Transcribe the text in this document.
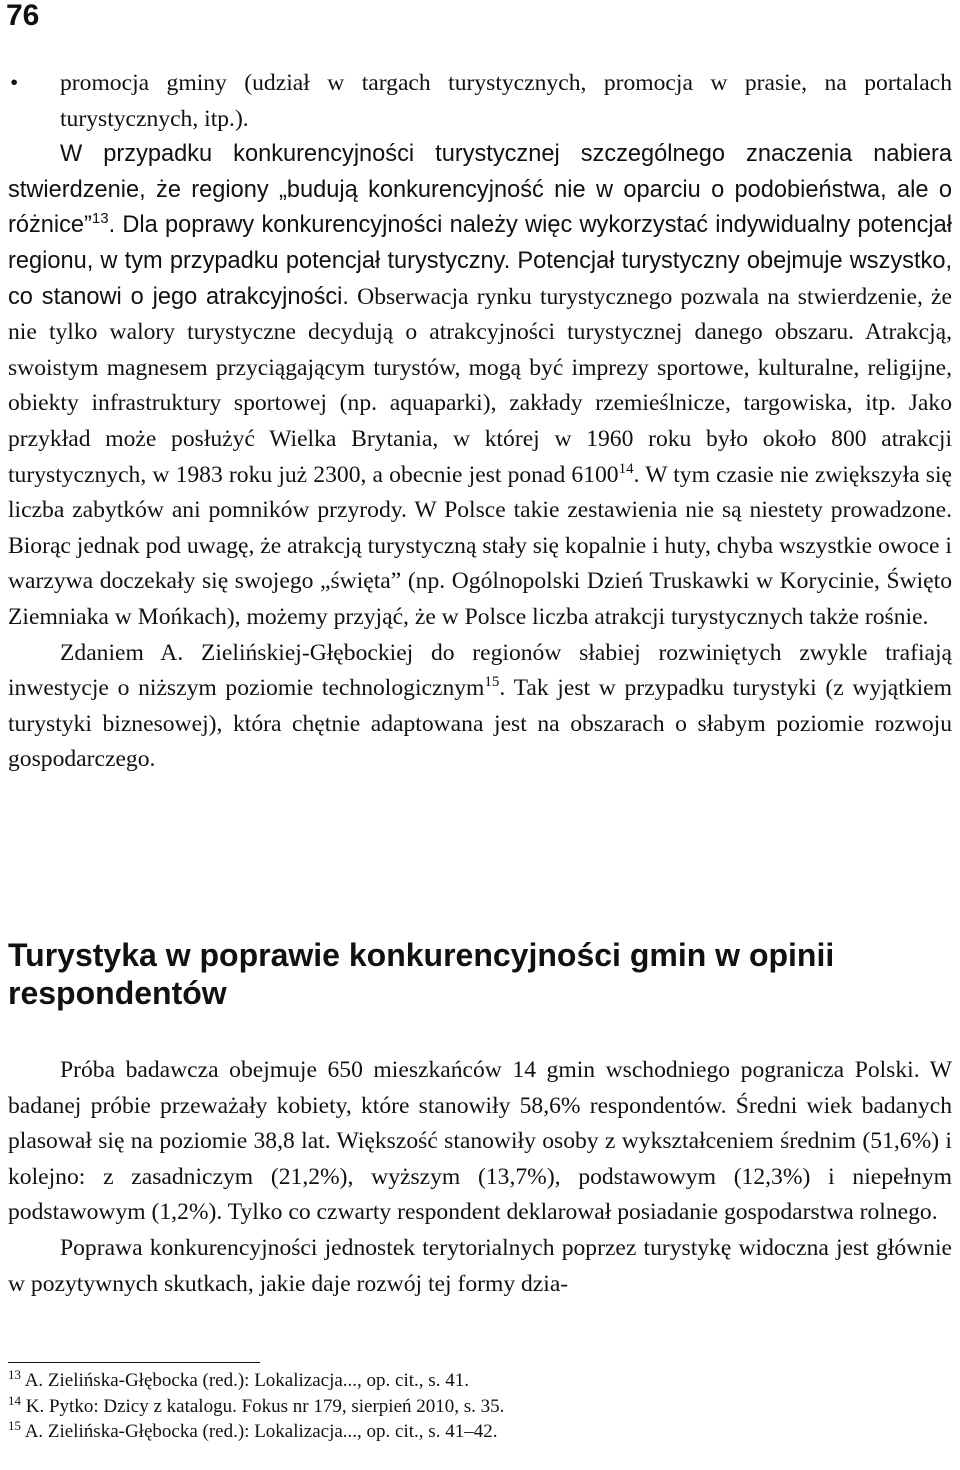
76

• promocja gminy (udział w targach turystycznych, promocja w prasie, na portalach turystycznych, itp.).

W przypadku konkurencyjności turystycznej szczególnego znaczenia nabiera stwierdzenie, że regiony „budują konkurencyjność nie w oparciu o podobieństwa, ale o różnice”$^{13}$. Dla poprawy konkurencyjności należy więc wykorzystać indywidualny potencjał regionu, w tym przypadku potencjał turystyczny. Potencjał turystyczny obejmuje wszystko, co stanowi o jego atrakcyjności. Obserwacja rynku turystycznego pozwala na stwierdzenie, że nie tylko walory turystyczne decydują o atrakcyjności turystycznej danego obszaru. Atrakcją, swoistym magnesem przyciągającym turystów, mogą być imprezy sportowe, kulturalne, religijne, obiekty infrastruktury sportowej (np. aquaparki), zakłady rzemieślnicze, targowiska, itp. Jako przykład może posłużyć Wielka Brytania, w której w 1960 roku było około 800 atrakcji turystycznych, w 1983 roku już 2300, a obecnie jest ponad 6100$^{14}$. W tym czasie nie zwiększyła się liczba zabytków ani pomników przyrody. W Polsce takie zestawienia nie są niestety prowadzone. Biorąc jednak pod uwagę, że atrakcją turystyczną stały się kopalnie i huty, chyba wszystkie owoce i warzywa doczekały się swojego „święta” (np. Ogólnopolski Dzień Truskawki w Korycinie, Święto Ziemniaka w Mońkach), możemy przyjąć, że w Polsce liczba atrakcji turystycznych także rośnie.

Zdaniem A. Zielińskiej-Głębockiej do regionów słabiej rozwiniętych zwykle trafiają inwestycje o niższym poziomie technologicznym$^{15}$. Tak jest w przypadku turystyki (z wyjątkiem turystyki biznesowej), która chętnie adaptowana jest na obszarach o słabym poziomie rozwoju gospodarczego.

Turystyka w poprawie konkurencyjności gmin w opinii respondentów

Próba badawcza obejmuje 650 mieszkańców 14 gmin wschodniego pogranicza Polski. W badanej próbie przeważały kobiety, które stanowiły 58,6% respondentów. Średni wiek badanych plasował się na poziomie 38,8 lat. Większość stanowiły osoby z wykształceniem średnim (51,6%) i kolejno: z zasadniczym (21,2%), wyższym (13,7%), podstawowym (12,3%) i niepełnym podstawowym (1,2%). Tylko co czwarty respondent deklarował posiadanie gospodarstwa rolnego.

Poprawa konkurencyjności jednostek terytorialnych poprzez turystykę widoczna jest głównie w pozytywnych skutkach, jakie daje rozwój tej formy dzia-

$^{13}$ A. Zielińska-Głębocka (red.): Lokalizacja..., op. cit., s. 41.

$^{14}$ K. Pytko: Dzicy z katalogu. Fokus nr 179, sierpień 2010, s. 35.

$^{15}$ A. Zielińska-Głębocka (red.): Lokalizacja..., op. cit., s. 41–42.
